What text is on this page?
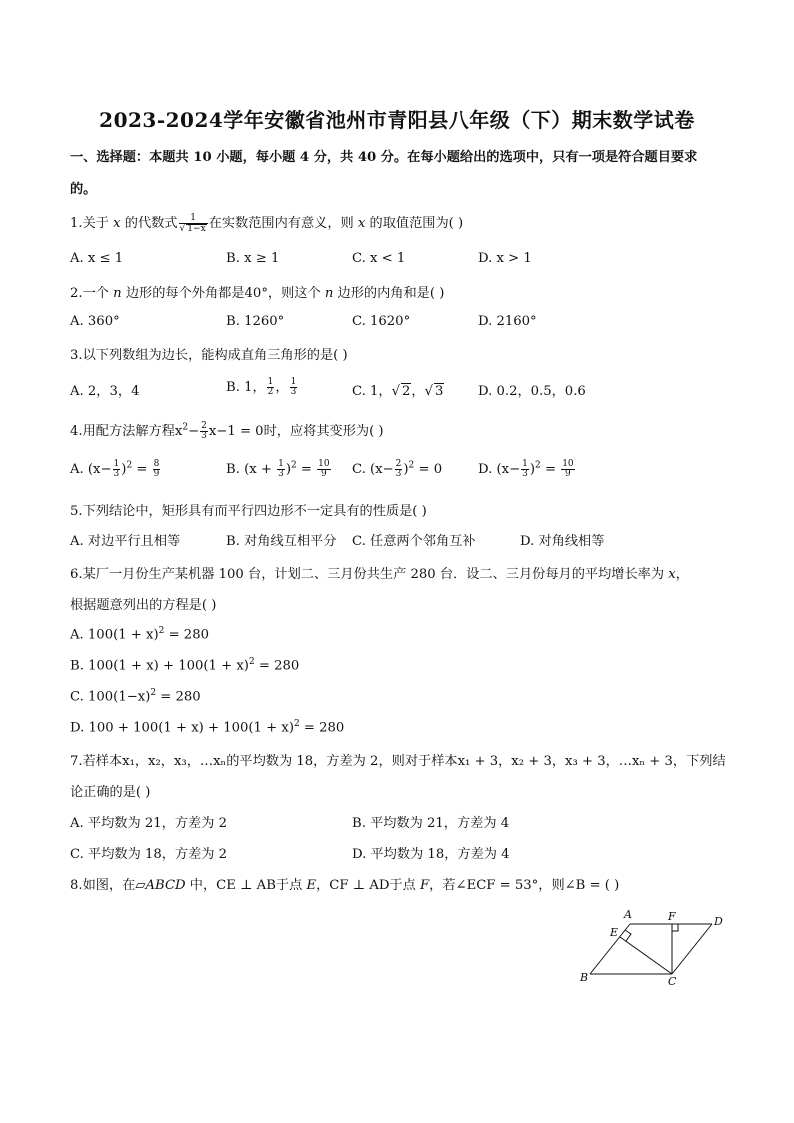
2023-2024学年安徽省池州市青阳县八年级（下）期末数学试卷
一、选择题：本题共 10 小题，每小题 4 分，共 40 分。在每小题给出的选项中，只有一项是符合题目要求
的。
1.关于 x 的代数式 $\frac{1}{√ 1-x}$ 在实数范围内有意义，则 x 的取值范围为( )
A. x ≤ 1	B. x ≥ 1	C. x < 1	D. x > 1
2.一个 n 边形的每个外角都是40°，则这个 n 边形的内角和是( )
A. 360°	B. 1260°	C. 1620°	D. 2160°
3.以下列数组为边长，能构成直角三角形的是( )
A. 2，3，4	B. 1， $\frac{1}{2}$ ， $\frac{1}{3}$	C. 1，√ 2，√ 3	D. 0.2，0.5，0.6
4.用配方法解方程$x^2- \frac{2}{3} x-1 = 0$时，应将其变形为( )
A. $(x- \frac{1}{3} )^2 = \frac{8}{9}$	B. $(x + \frac{1}{3} )^2 = \frac{10}{9} C$. $(x- \frac{2}{3} )^2 = 0$	D. $(x- \frac{1}{3} )^2 = \frac{10}{9}$
5.下列结论中，矩形具有而平行四边形不一定具有的性质是( )
A. 对边平行且相等	B. 对角线互相平分 C. 任意两个邻角互补	D. 对角线相等
6.某厂一月份生产某机器 100 台，计划二、三月份共生产 280 台．设二、三月份每月的平均增长率为 x，
根据题意列出的方程是( )
A. $100(1 + x)^2 = 280$
B. $100(1 + x) + 100(1 + x)^2 = 280$
C. $100(1-x)^2 = 280$
D. $100 + 100(1 + x) + 100(1 + x)^2 = 280$
7.若样本x₁，x₂，x₃，…xₙ的平均数为 18，方差为 2，则对于样本x₁ + 3，x₂ + 3，x₃ + 3，…xₙ + 3，下列结
论正确的是( )
A. 平均数为 21，方差为 2	B. 平均数为 21，方差为 4
C. 平均数为 18，方差为 2	D. 平均数为 18，方差为 4
8.如图，在▱ABCD 中，CE ⊥ AB于点 E，CF ⊥ AD于点 F，若∠ECF = 53°，则∠B = ( )
A
B	C
D
E
F
